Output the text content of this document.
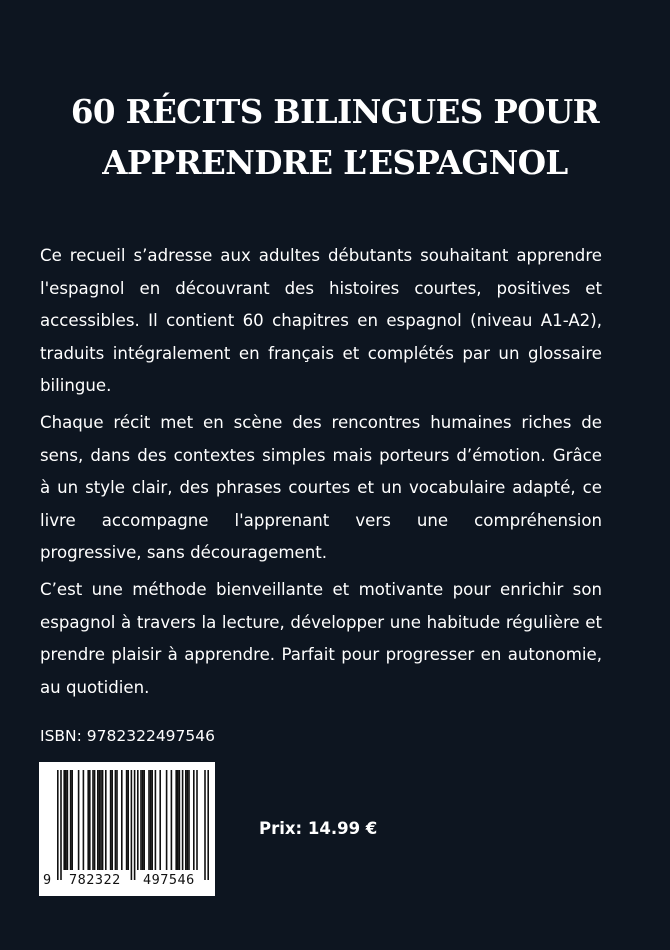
60 RÉCITS BILINGUES POUR
APPRENDRE L’ESPAGNOL

Ce recueil s’adresse aux adultes débutants souhaitant apprendre l'espagnol en découvrant des histoires courtes, positives et accessibles. Il contient 60 chapitres en espagnol (niveau A1-A2), traduits intégralement en français et complétés par un glossaire bilingue.

Chaque récit met en scène des rencontres humaines riches de sens, dans des contextes simples mais porteurs d’émotion. Grâce à un style clair, des phrases courtes et un vocabulaire adapté, ce livre accompagne l'apprenant vers une compréhension progressive, sans découragement.

C’est une méthode bienveillante et motivante pour enrichir son espagnol à travers la lecture, développer une habitude régulière et prendre plaisir à apprendre. Parfait pour progresser en autonomie, au quotidien.

ISBN: 9782322497546
9 782322 497546
Prix: 14.99 €
